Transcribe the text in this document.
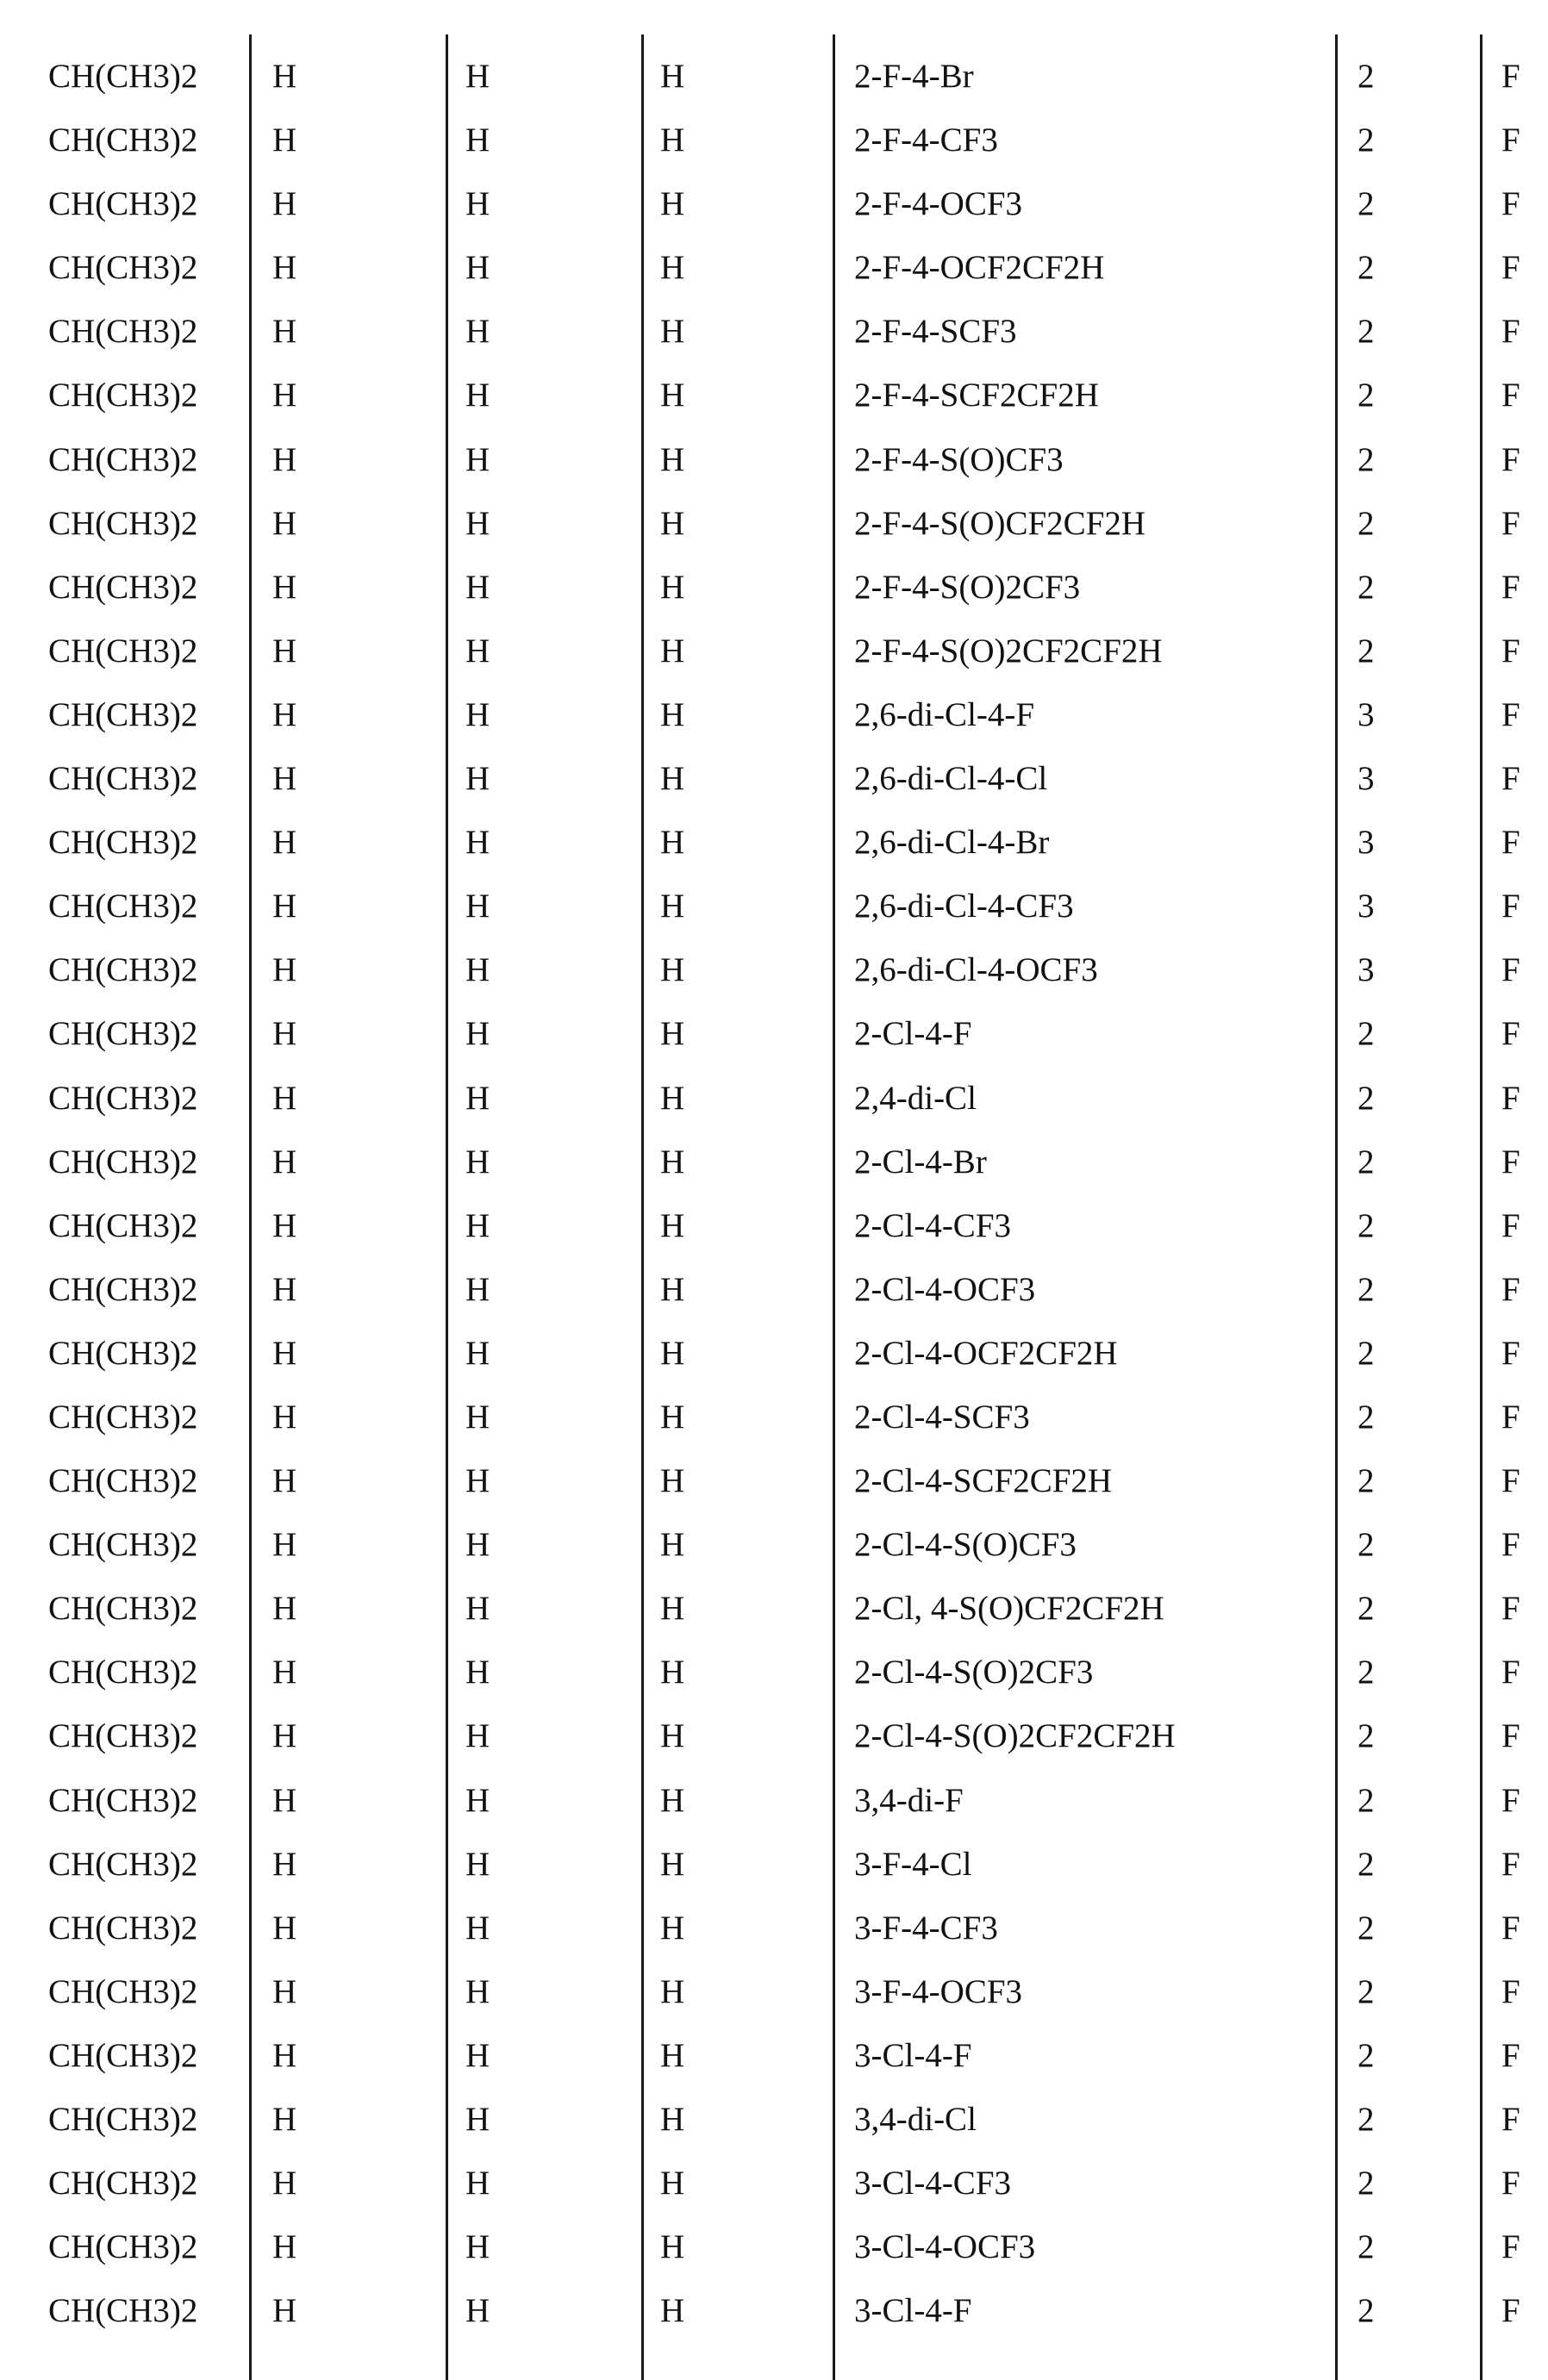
CH(CH3)2 H	H	H	2-F-4-Br	2	F
CH(CH3)2 H	H	H	2-F-4-CF3	2	F
CH(CH3)2 H	H	H	2-F-4-OCF3	2	F
CH(CH3)2 H	H	H	2-F-4-OCF2CF2H	2	F
CH(CH3)2 H	H	H	2-F-4-SCF3	2	F
CH(CH3)2 H	H	H	2-F-4-SCF2CF2H	2	F
CH(CH3)2 H	H	H	2-F-4-S(O)CF3	2	F
CH(CH3)2 H	H	H	2-F-4-S(O)CF2CF2H	2	F
CH(CH3)2 H	H	H	2-F-4-S(O)2CF3	2	F
CH(CH3)2 H	H	H	2-F-4-S(O)2CF2CF2H	2	F
CH(CH3)2 H	H	H	2,6-di-Cl-4-F	3	F
CH(CH3)2 H	H	H	2,6-di-Cl-4-Cl	3	F
CH(CH3)2 H	H	H	2,6-di-Cl-4-Br	3	F
CH(CH3)2 H	H	H	2,6-di-Cl-4-CF3	3	F
CH(CH3)2 H	H	H	2,6-di-Cl-4-OCF3	3	F
CH(CH3)2 H	H	H	2-Cl-4-F	2	F
CH(CH3)2 H	H	H	2,4-di-Cl	2	F
CH(CH3)2 H	H	H	2-Cl-4-Br	2	F
CH(CH3)2 H	H	H	2-Cl-4-CF3	2	F
CH(CH3)2 H	H	H	2-Cl-4-OCF3	2	F
CH(CH3)2 H	H	H	2-Cl-4-OCF2CF2H	2	F
CH(CH3)2 H	H	H	2-Cl-4-SCF3	2	F
CH(CH3)2 H	H	H	2-Cl-4-SCF2CF2H	2	F
CH(CH3)2 H	H	H	2-Cl-4-S(O)CF3	2	F
CH(CH3)2 H	H	H	2-Cl, 4-S(O)CF2CF2H	2	F
CH(CH3)2 H	H	H	2-Cl-4-S(O)2CF3	2	F
CH(CH3)2 H	H	H	2-Cl-4-S(O)2CF2CF2H	2	F
CH(CH3)2 H	H	H	3,4-di-F	2	F
CH(CH3)2 H	H	H	3-F-4-Cl	2	F
CH(CH3)2 H	H	H	3-F-4-CF3	2	F
CH(CH3)2 H	H	H	3-F-4-OCF3	2	F
CH(CH3)2 H	H	H	3-Cl-4-F	2	F
CH(CH3)2 H	H	H	3,4-di-Cl	2	F
CH(CH3)2 H	H	H	3-Cl-4-CF3	2	F
CH(CH3)2 H	H	H	3-Cl-4-OCF3	2	F
CH(CH3)2 H	H	H	3-Cl-4-F	2	F
